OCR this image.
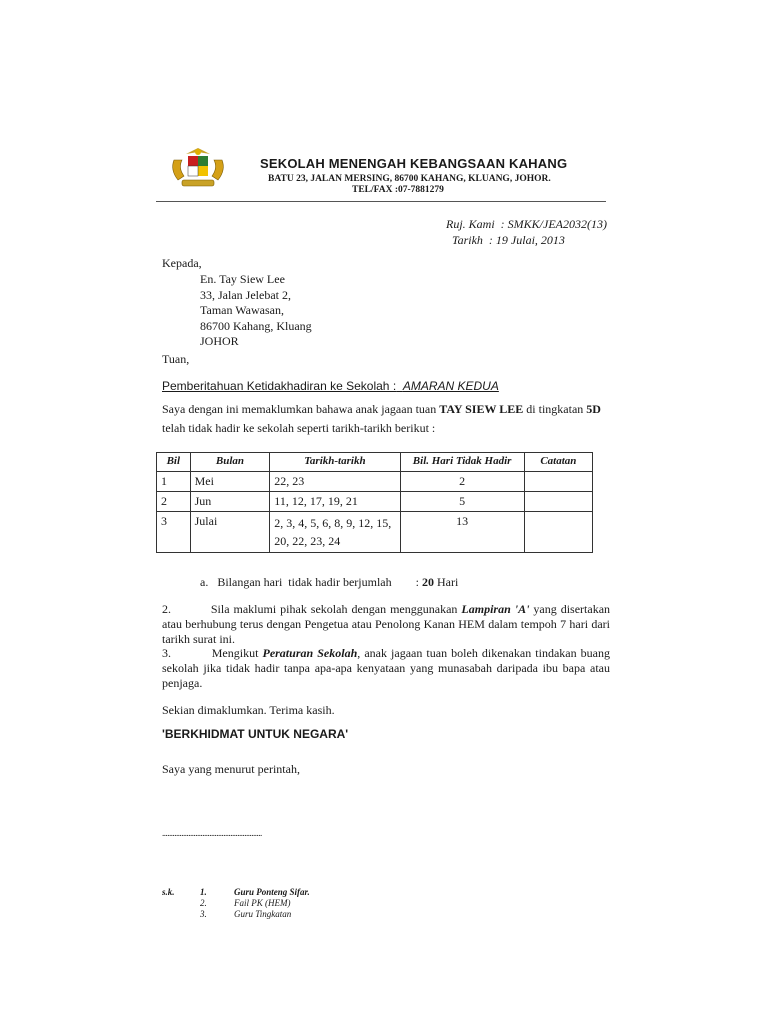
SEKOLAH MENENGAH KEBANGSAAN KAHANG
BATU 23, JALAN MERSING, 86700 KAHANG, KLUANG, JOHOR.
TEL/FAX :07-7881279
Ruj. Kami : SMKK/JEA2032(13)
Tarikh : 19 Julai, 2013
Kepada,
En. Tay Siew Lee
33, Jalan Jelebat 2,
Taman Wawasan,
86700 Kahang, Kluang
JOHOR
Tuan,
Pemberitahuan Ketidakhadiran ke Sekolah : AMARAN KEDUA
Saya dengan ini memaklumkan bahawa anak jagaan tuan TAY SIEW LEE di tingkatan 5D
telah tidak hadir ke sekolah seperti tarikh-tarikh berikut :
Bil	Bulan	Tarikh-tarikh	Bil. Hari Tidak Hadir	Catatan
1	Mei	22, 23	2	
2	Jun	11, 12, 17, 19, 21	5	
3	Julai	2, 3, 4, 5, 6, 8, 9, 12, 15, 20, 22, 23, 24	13	
a.   Bilangan hari  tidak hadir berjumlah : 20 Hari
2.	Sila maklumi pihak sekolah dengan menggunakan Lampiran 'A' yang disertakan atau berhubung terus dengan Pengetua atau Penolong Kanan HEM dalam tempoh 7 hari dari tarikh surat ini.
3.	Mengikut Peraturan Sekolah, anak jagaan tuan boleh dikenakan tindakan buang sekolah jika tidak hadir tanpa apa-apa kenyataan yang munasabah daripada ibu bapa atau penjaga.
Sekian dimaklumkan. Terima kasih.
'BERKHIDMAT UNTUK NEGARA'
Saya yang menurut perintah,
.........................................................
s.k.	1.	Guru Ponteng Sifar.
2.	Fail PK (HEM)
3.	Guru Tingkatan
